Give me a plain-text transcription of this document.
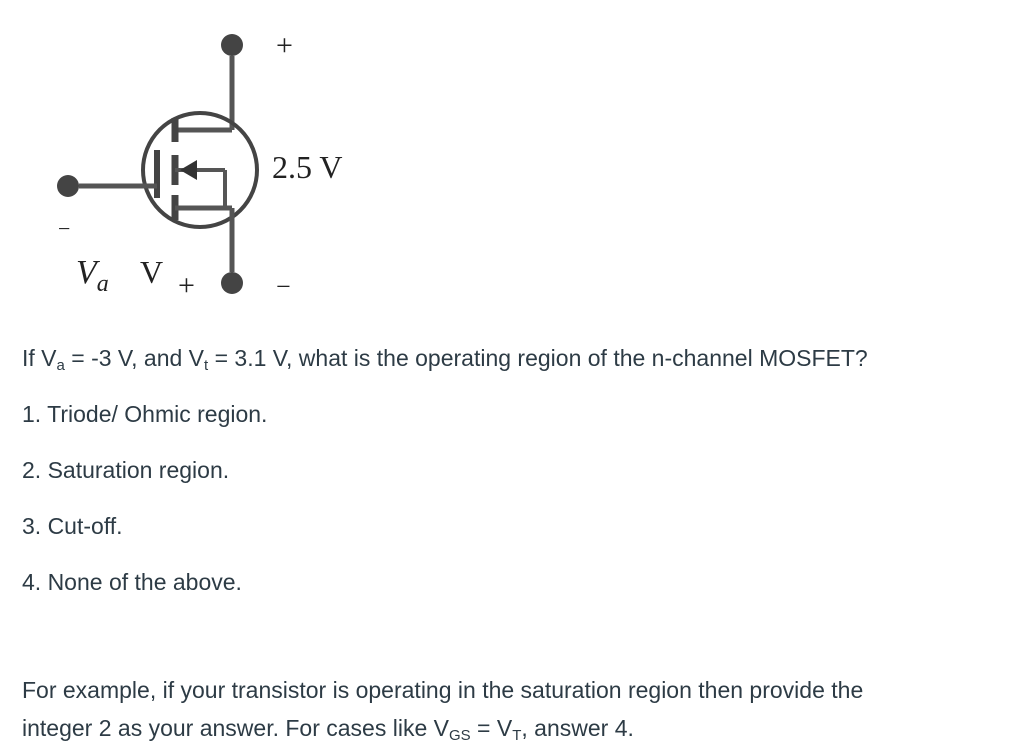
+
2.5 V
−
−
$V_a$ V +
If $V_a = -3$ V, and $V_t = 3.1$ V, what is the operating region of the n-channel MOSFET?
1. Triode/ Ohmic region.
2. Saturation region.
3. Cut-off.
4. None of the above.
For example, if your transistor is operating in the saturation region then provide the
integer 2 as your answer. For cases like $V_{GS} = V_T$, answer 4.
